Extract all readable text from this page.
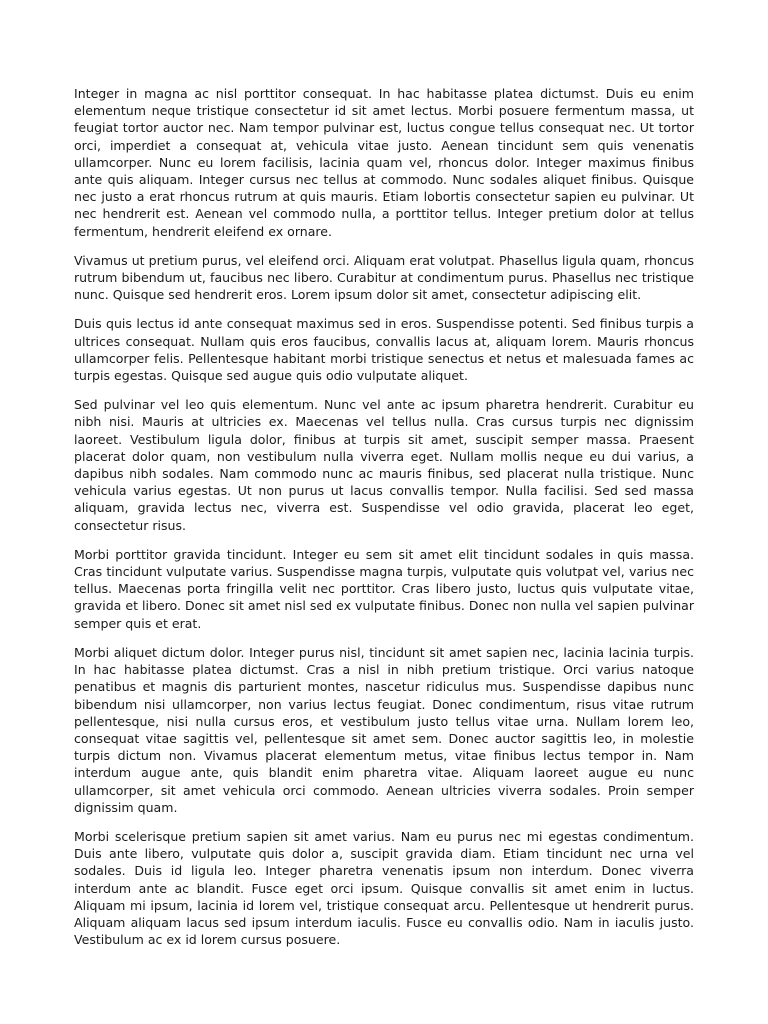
Integer in magna ac nisl porttitor consequat. In hac habitasse platea dictumst. Duis eu enim elementum neque tristique consectetur id sit amet lectus. Morbi posuere fermentum massa, ut feugiat tortor auctor nec. Nam tempor pulvinar est, luctus congue tellus consequat nec. Ut tortor orci, imperdiet a consequat at, vehicula vitae justo. Aenean tincidunt sem quis venenatis ullamcorper. Nunc eu lorem facilisis, lacinia quam vel, rhoncus dolor. Integer maximus finibus ante quis aliquam. Integer cursus nec tellus at commodo. Nunc sodales aliquet finibus. Quisque nec justo a erat rhoncus rutrum at quis mauris. Etiam lobortis consectetur sapien eu pulvinar. Ut nec hendrerit est. Aenean vel commodo nulla, a porttitor tellus. Integer pretium dolor at tellus fermentum, hendrerit eleifend ex ornare.

Vivamus ut pretium purus, vel eleifend orci. Aliquam erat volutpat. Phasellus ligula quam, rhoncus rutrum bibendum ut, faucibus nec libero. Curabitur at condimentum purus. Phasellus nec tristique nunc. Quisque sed hendrerit eros. Lorem ipsum dolor sit amet, consectetur adipiscing elit.

Duis quis lectus id ante consequat maximus sed in eros. Suspendisse potenti. Sed finibus turpis a ultrices consequat. Nullam quis eros faucibus, convallis lacus at, aliquam lorem. Mauris rhoncus ullamcorper felis. Pellentesque habitant morbi tristique senectus et netus et malesuada fames ac turpis egestas. Quisque sed augue quis odio vulputate aliquet.

Sed pulvinar vel leo quis elementum. Nunc vel ante ac ipsum pharetra hendrerit. Curabitur eu nibh nisi. Mauris at ultricies ex. Maecenas vel tellus nulla. Cras cursus turpis nec dignissim laoreet. Vestibulum ligula dolor, finibus at turpis sit amet, suscipit semper massa. Praesent placerat dolor quam, non vestibulum nulla viverra eget. Nullam mollis neque eu dui varius, a dapibus nibh sodales. Nam commodo nunc ac mauris finibus, sed placerat nulla tristique. Nunc vehicula varius egestas. Ut non purus ut lacus convallis tempor. Nulla facilisi. Sed sed massa aliquam, gravida lectus nec, viverra est. Suspendisse vel odio gravida, placerat leo eget, consectetur risus.

Morbi porttitor gravida tincidunt. Integer eu sem sit amet elit tincidunt sodales in quis massa. Cras tincidunt vulputate varius. Suspendisse magna turpis, vulputate quis volutpat vel, varius nec tellus. Maecenas porta fringilla velit nec porttitor. Cras libero justo, luctus quis vulputate vitae, gravida et libero. Donec sit amet nisl sed ex vulputate finibus. Donec non nulla vel sapien pulvinar semper quis et erat.

Morbi aliquet dictum dolor. Integer purus nisl, tincidunt sit amet sapien nec, lacinia lacinia turpis. In hac habitasse platea dictumst. Cras a nisl in nibh pretium tristique. Orci varius natoque penatibus et magnis dis parturient montes, nascetur ridiculus mus. Suspendisse dapibus nunc bibendum nisi ullamcorper, non varius lectus feugiat. Donec condimentum, risus vitae rutrum pellentesque, nisi nulla cursus eros, et vestibulum justo tellus vitae urna. Nullam lorem leo, consequat vitae sagittis vel, pellentesque sit amet sem. Donec auctor sagittis leo, in molestie turpis dictum non. Vivamus placerat elementum metus, vitae finibus lectus tempor in. Nam interdum augue ante, quis blandit enim pharetra vitae. Aliquam laoreet augue eu nunc ullamcorper, sit amet vehicula orci commodo. Aenean ultricies viverra sodales. Proin semper dignissim quam.

Morbi scelerisque pretium sapien sit amet varius. Nam eu purus nec mi egestas condimentum. Duis ante libero, vulputate quis dolor a, suscipit gravida diam. Etiam tincidunt nec urna vel sodales. Duis id ligula leo. Integer pharetra venenatis ipsum non interdum. Donec viverra interdum ante ac blandit. Fusce eget orci ipsum. Quisque convallis sit amet enim in luctus. Aliquam mi ipsum, lacinia id lorem vel, tristique consequat arcu. Pellentesque ut hendrerit purus. Aliquam aliquam lacus sed ipsum interdum iaculis. Fusce eu convallis odio. Nam in iaculis justo. Vestibulum ac ex id lorem cursus posuere.
